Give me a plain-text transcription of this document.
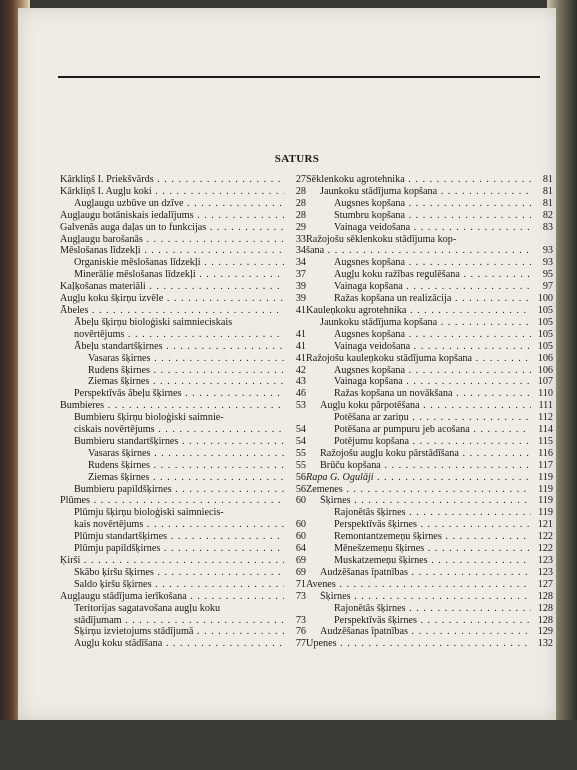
SATURS
Kārkliņš I. Priekšvārds . . .	27
Kārkliņš I. Augļu koki . . .	28
Augļaugu uzbūve un dzīve . . .	28
Augļaugu botāniskais iedalījums . . .	28
Galvenās auga daļas un to funkcijas . . .	29
Augļaugu barošanās . . .	33
Mēslošanas līdzekļi . . .	34
Organiskie mēslošanas līdzekļi . . .	34
Minerālie mēslošanas līdzekļi . . .	37
Kaļķošanas materiāli . . .	39
Augļu koku šķirņu izvēle . . .	39
Ābeles . . .	41
Ābeļu šķirņu bioloģiski saimnieciskais
novērtējums . . .	41
Ābeļu standartšķirnes . . .	41
Vasaras šķirnes . . .	41
Rudens šķirnes . . .	42
Ziemas šķirnes . . .	43
Perspektīvās ābeļu šķirnes . . .	46
Bumbieres . . .	53
Bumbieru šķirņu bioloģiski saimnie-
ciskais novērtējums . . .	54
Bumbieru standartšķirnes . . .	54
Vasaras šķirnes . . .	55
Rudens šķirnes . . .	55
Ziemas šķirnes . . .	56
Bumbieru papildšķirnes . . .	56
Plūmes . . .	60
Plūmju šķirņu bioloģiski saimniecis-
kais novērtējums . . .	60
Plūmju standartšķirnes . . .	60
Plūmju papildšķirnes . . .	64
Ķirši . . .	69
Skābo ķiršu šķirnes . . .	69
Saldo ķiršu šķirnes . . .	71
Augļaugu stādījuma ierīkošana . . .	73
Teritorijas sagatavošana augļu koku
stādījumam . . .	73
Šķirņu izvietojums stādījumā . . .	76
Augļu koku stādīšana . . .	77
Sēklenkoku agrotehnika . . .	81
Jaunkoku stādījuma kopšana . . .	81
Augsnes kopšana . . .	81
Stumbru kopšana . . .	82
Vainaga veidošana . . .	83
Ražojošu sēklenkoku stādījuma kop-
šana . . .	93
Augsnes kopšana . . .	93
Augļu koku ražības regulēšana . . .	95
Vainaga kopšana . . .	97
Ražas kopšana un realizācija . . .	100
Kauleņkoku agrotehnika . . .	105
Jaunkoku stādījuma kopšana . . .	105
Augsnes kopšana . . .	105
Vainaga veidošana . . .	105
Ražojošu kauleņkoku stādījuma kopšana . . .	106
Augsnes kopšana . . .	106
Vainaga kopšana . . .	107
Ražas kopšana un novākšana . . .	110
Augļu koku pārpotēšana . . .	111
Potēšana ar zariņu . . .	112
Potēšana ar pumpuru jeb acošana . . .	114
Potējumu kopšana . . .	115
Ražojošu augļu koku pārstādīšana . . .	116
Brūču kopšana . . .	117
Rapa G. Ogulāji . . .	119
Zemenes . . .	119
Šķirnes . . .	119
Rajonētās šķirnes . . .	119
Perspektīvās šķirnes . . .	121
Remontantzemeņu šķirnes . . .	122
Mēnešzemeņu šķirnes . . .	122
Muskatzemeņu šķirnes . . .	123
Audzēšanas īpatnības . . .	123
Avenes . . .	127
Šķirnes . . .	128
Rajonētās šķirnes . . .	128
Perspektīvās šķirnes . . .	128
Audzēšanas īpatnības . . .	129
Upenes . . .	132
